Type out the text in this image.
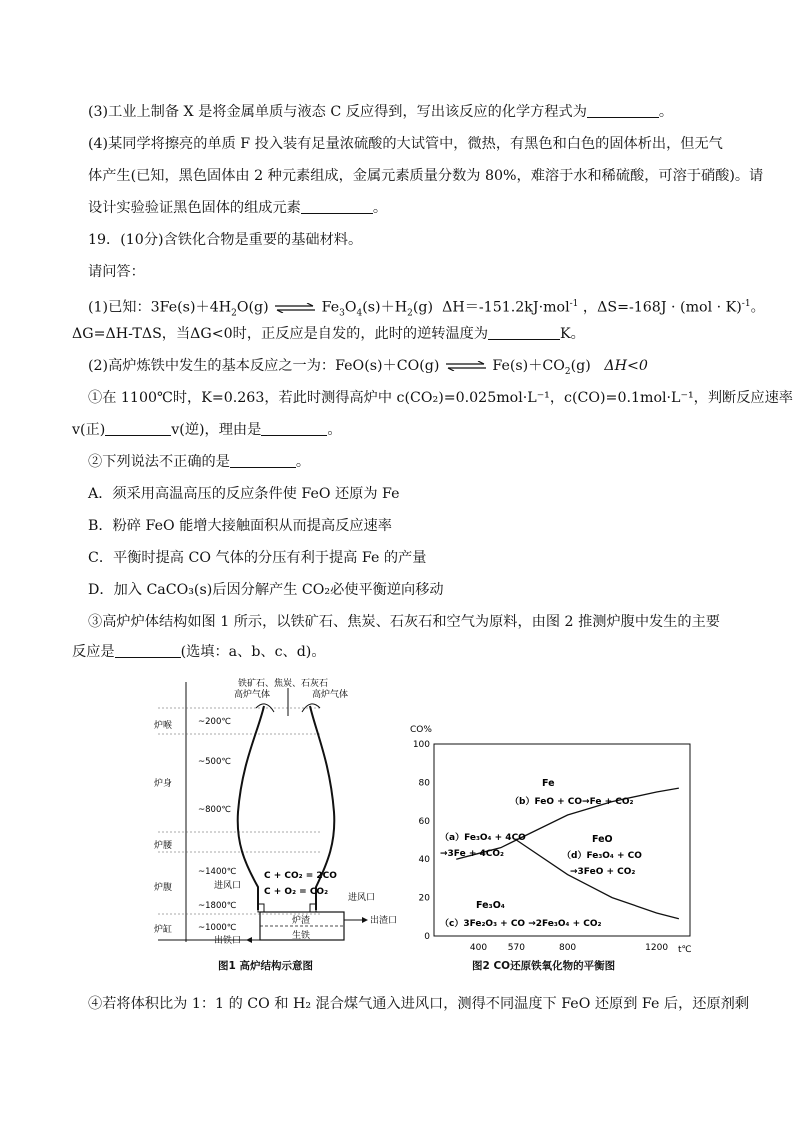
(3)工业上制备 X 是将金属单质与液态 C 反应得到，写出该反应的化学方程式为	。
(4)某同学将擦亮的单质 F 投入装有足量浓硫酸的大试管中，微热，有黑色和白色的固体析出，但无气
体产生(已知，黑色固体由 2 种元素组成，金属元素质量分数为 80%，难溶于水和稀硫酸，可溶于硝酸)。请
设计实验验证黑色固体的组成元素	。
19．(10分)含铁化合物是重要的基础材料。
请问答：
(1)已知：$3Fe(s)+4H_2O(g)$ ⇌ $Fe_3O_4(s)+H_2(g)$ ΔH＝-151.2kJ·mol$^{-1}$ ，ΔS=-168J · (mol · K)$^{-1}$。
ΔG=ΔH-TΔS，当ΔG<0时，正反应是自发的，此时的逆转温度为	K。
(2)高炉炼铁中发生的基本反应之一为：FeO(s)＋CO(g) ⇌ $Fe(s)+CO_2(g)$ ΔH<0
①在 1100℃时，K=0.263，若此时测得高炉中 c(CO₂)=0.025mol·L⁻¹，c(CO)=0.1mol·L⁻¹，判断反应速率
v(正)	v(逆)，理由是	。
②下列说法不正确的是	。
A．须采用高温高压的反应条件使 FeO 还原为 Fe
B．粉碎 FeO 能增大接触面积从而提高反应速率
C．平衡时提高 CO 气体的分压有利于提高 Fe 的产量
D．加入 CaCO₃(s)后因分解产生 CO₂必使平衡逆向移动
③高炉炉体结构如图 1 所示，以铁矿石、焦炭、石灰石和空气为原料，由图 2 推测炉腹中发生的主要
反应是	(选填：a、b、c、d)。
铁矿石、焦炭、石灰石
高炉气体	高炉气体
炉喉
炉身
炉腰
炉腹
炉缸
~200℃
~500℃
~800℃
~1400℃
~1800℃
~1000℃
C + CO₂ = 2CO
C + O₂ = CO₂
进风口
进风口
炉渣
生铁
出渣口
出铁口
图1 高炉结构示意图
CO%
100
80
60
40
20
0
400 570	800	1200 t℃
Fe
（b）FeO + CO→Fe + CO₂
（a）Fe₃O₄ + 4CO
→3Fe + 4CO₂
FeO
（d）Fe₃O₄ + CO
→3FeO + CO₂
Fe₃O₄
（c）3Fe₂O₃ + CO →2Fe₃O₄ + CO₂
图2 CO还原铁氧化物的平衡图
④若将体积比为 1：1 的 CO 和 H₂ 混合煤气通入进风口，测得不同温度下 FeO 还原到 Fe 后，还原剂剩
